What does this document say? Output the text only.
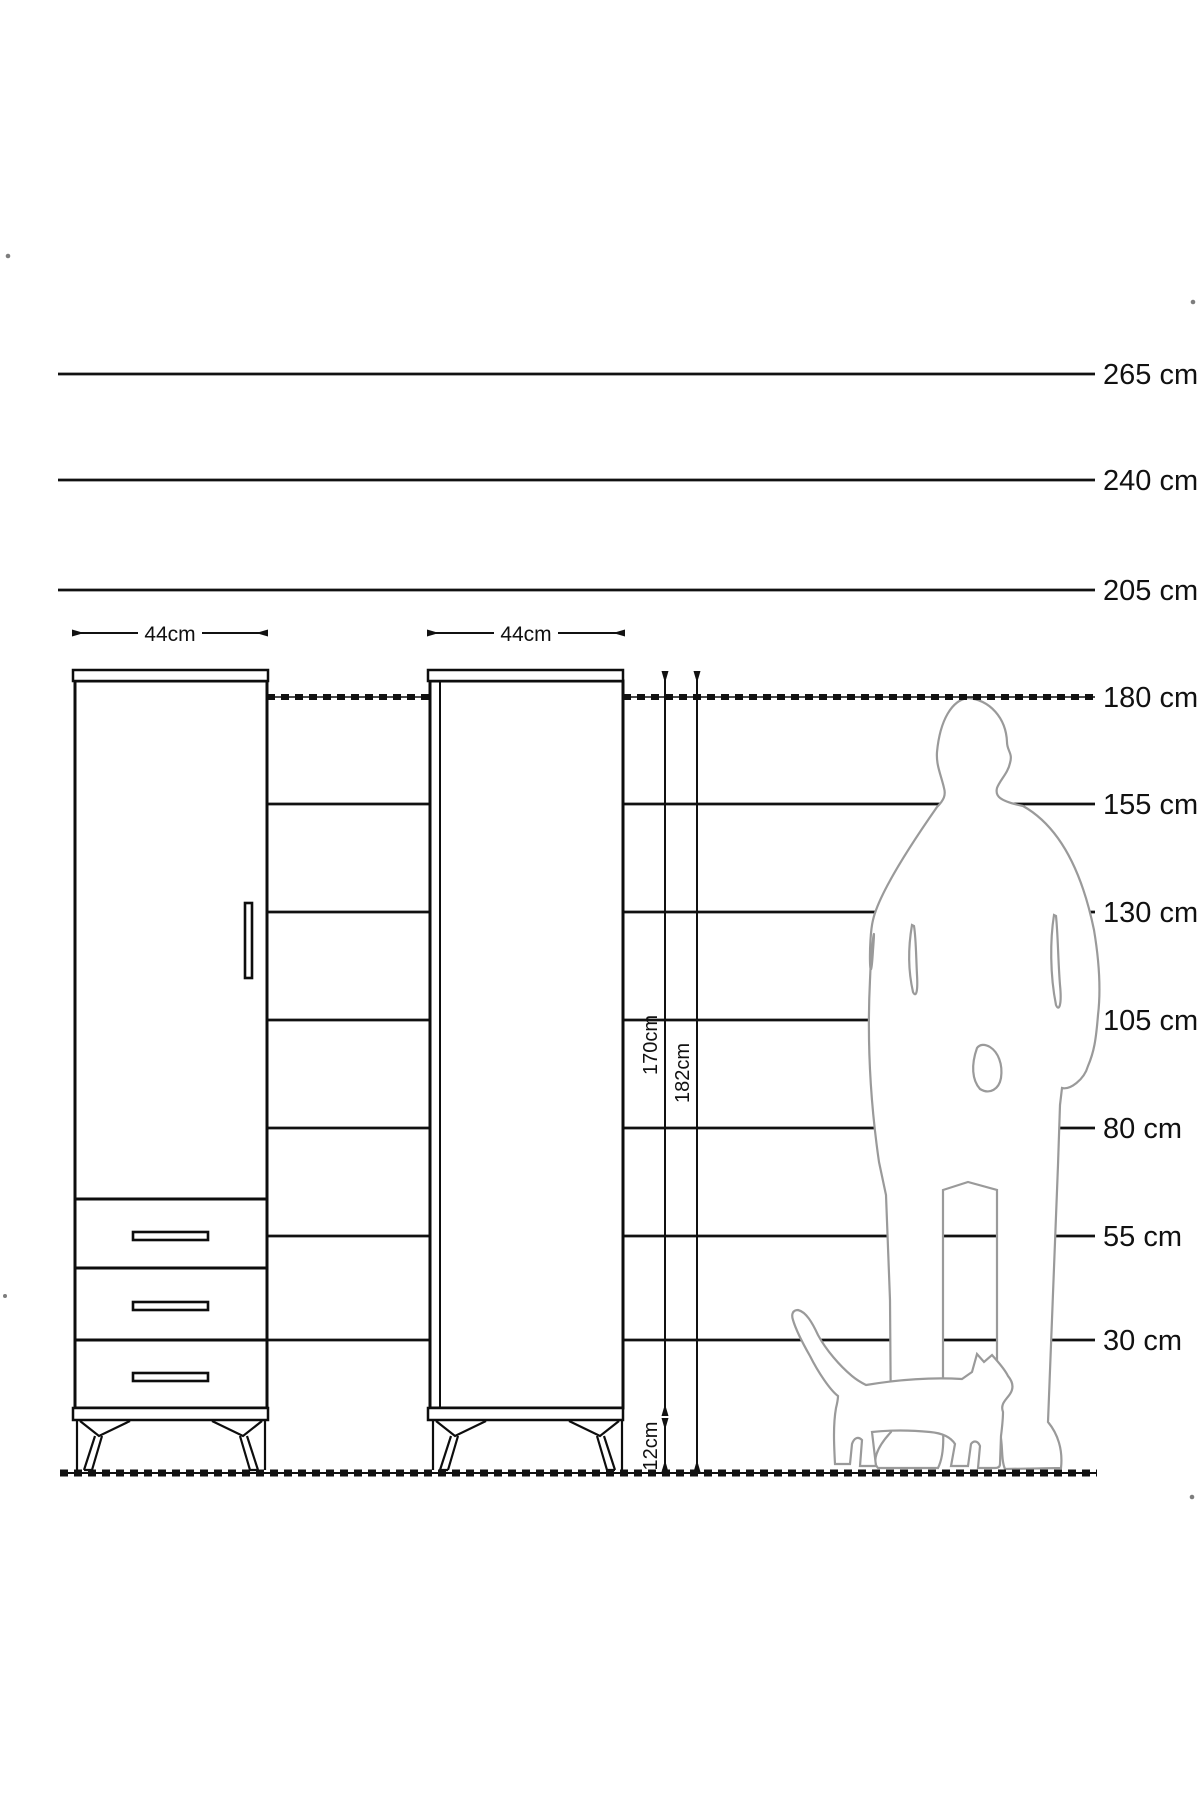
265 cm
240 cm
205 cm
180 cm
155 cm
130 cm
105 cm
80 cm
55 cm
30 cm
44cm	44cm
170cm 182cm
12cm
